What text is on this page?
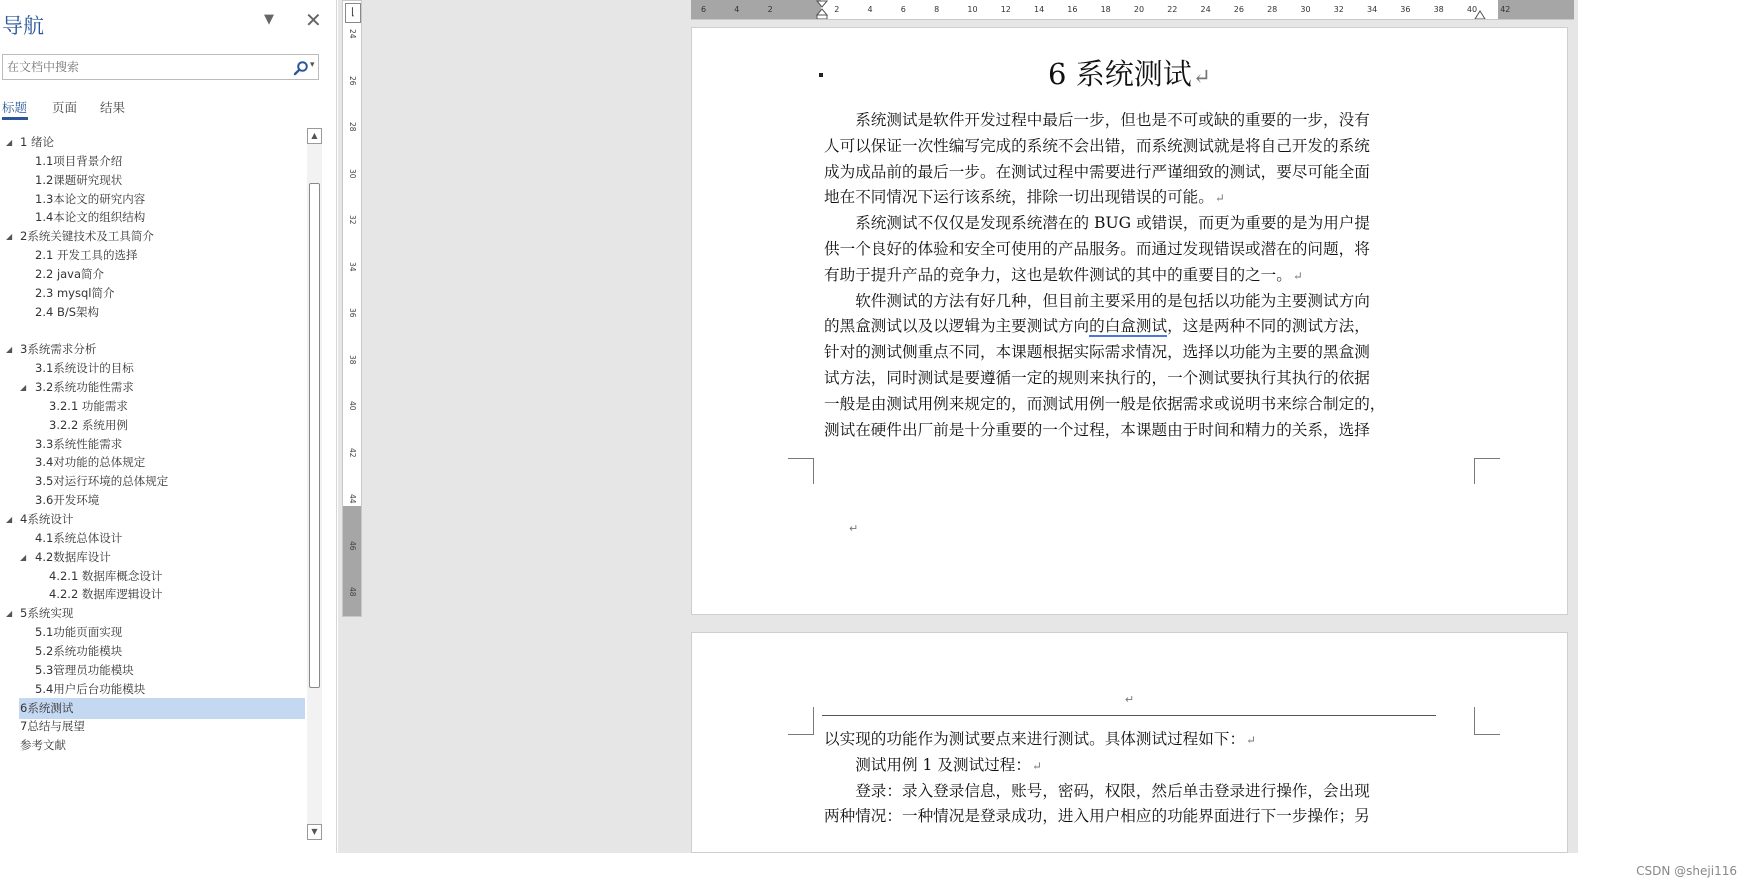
导航	▼ ✕
在文档中搜索
▾
标题 页面 结果
◢ 1 绪论
1.1项目背景介绍
1.2课题研究现状
1.3本论文的研究内容
1.4本论文的组织结构
◢ 2系统关键技术及工具简介
2.1 开发工具的选择
2.2 java简介
2.3 mysql简介
2.4 B/S架构
◢ 3系统需求分析
3.1系统设计的目标
◢ 3.2系统功能性需求
3.2.1 功能需求
3.2.2 系统用例
3.3系统性能需求
3.4对功能的总体规定
3.5对运行环境的总体规定
3.6开发环境
◢ 4系统设计
4.1系统总体设计
◢ 4.2数据库设计
4.2.1 数据库概念设计
4.2.2 数据库逻辑设计
◢ 5系统实现
5.1功能页面实现
5.2系统功能模块
5.3管理员功能模块
5.4用户后台功能模块
6系统测试
7总结与展望
参考文献
▲
▼
⌊
24
26
28
30
32
34
36
38
40
42
44
46
48
6	4	2	2	4	6	8	10	12	14	16	18	20	22	24	26	28	30	32	34	36	38	40	42
6 系统测试↵
　　系统测试是软件开发过程中最后一步，但也是不可或缺的重要的一步，没有
人可以保证一次性编写完成的系统不会出错，而系统测试就是将自己开发的系统
成为成品前的最后一步。在测试过程中需要进行严谨细致的测试，要尽可能全面
地在不同情况下运行该系统，排除一切出现错误的可能。↵
　　系统测试不仅仅是发现系统潜在的 BUG 或错误，而更为重要的是为用户提
供一个良好的体验和安全可使用的产品服务。而通过发现错误或潜在的问题，将
有助于提升产品的竞争力，这也是软件测试的其中的重要目的之一。↵
　　软件测试的方法有好几种，但目前主要采用的是包括以功能为主要测试方向
的黑盒测试以及以逻辑为主要测试方向的白盒测试，这是两种不同的测试方法，
针对的测试侧重点不同，本课题根据实际需求情况，选择以功能为主要的黑盒测
试方法，同时测试是要遵循一定的规则来执行的，一个测试要执行其执行的依据
一般是由测试用例来规定的，而测试用例一般是依据需求或说明书来综合制定的，
测试在硬件出厂前是十分重要的一个过程，本课题由于时间和精力的关系，选择
↵
↵
以实现的功能作为测试要点来进行测试。具体测试过程如下：↵
　　测试用例 1 及测试过程：↵
　　登录：录入登录信息，账号，密码，权限，然后单击登录进行操作，会出现
两种情况：一种情况是登录成功，进入用户相应的功能界面进行下一步操作；另
CSDN @sheji116
